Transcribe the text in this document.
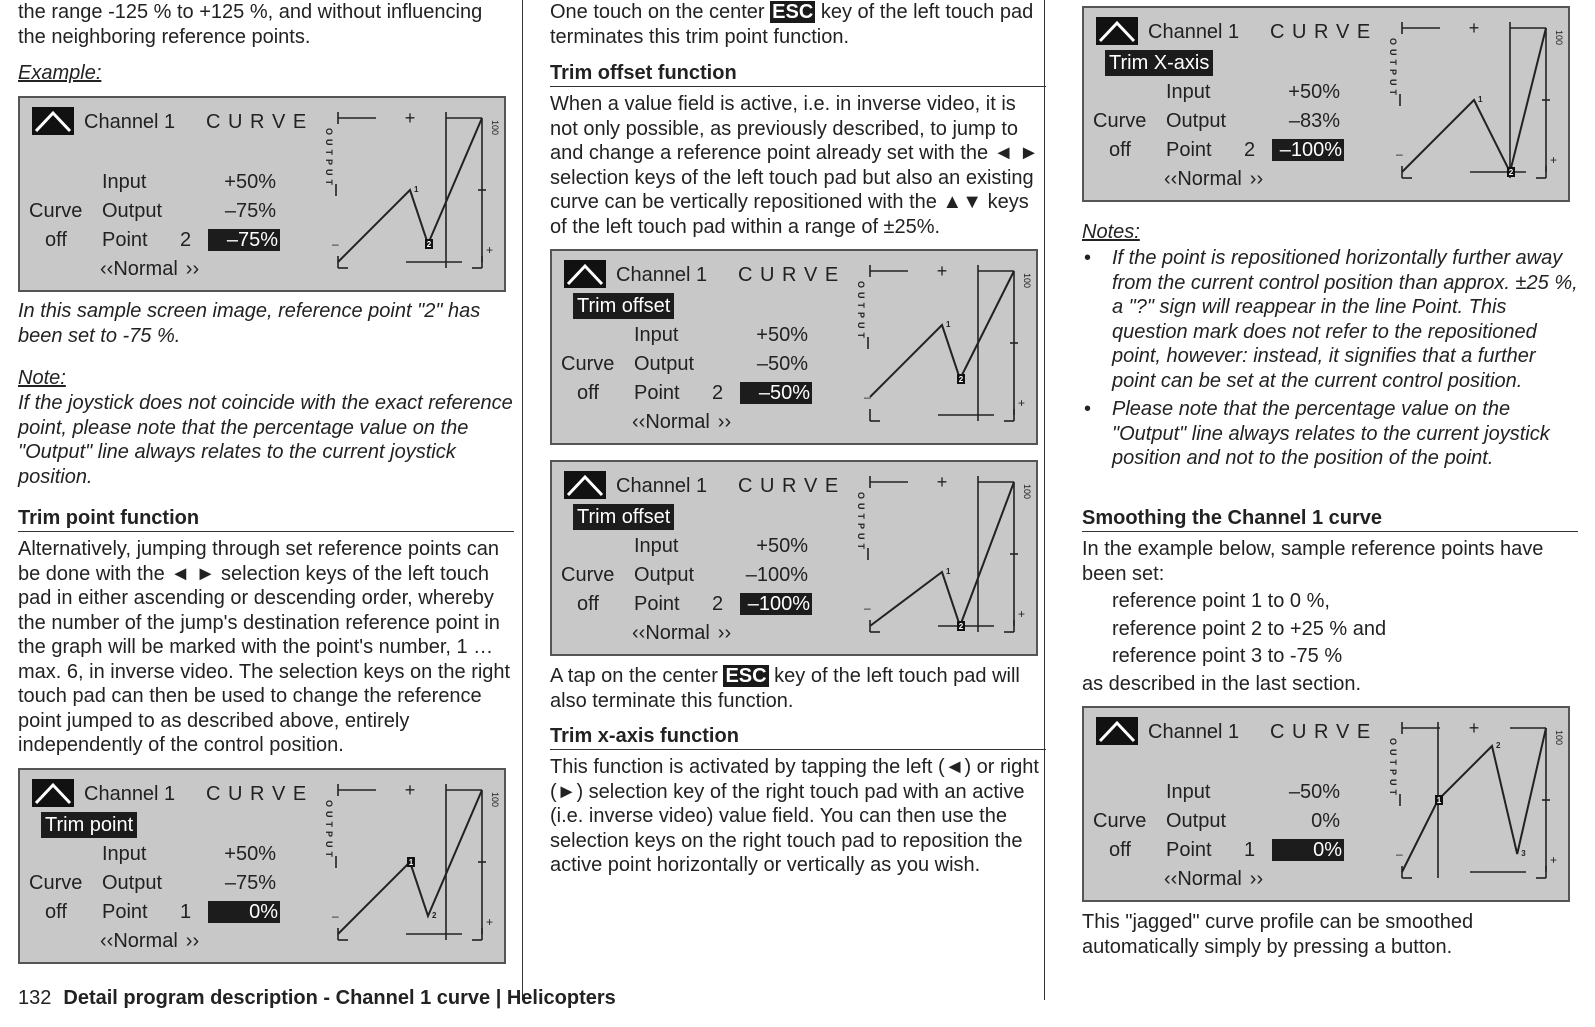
the range -125 % to +125 %, and without influencing the neighboring reference points.

Example:

Channel 1 C U R V E
Input	+50%
Curve Output	–75%
off Point 2	–75%
‹‹Normal ››
+	100
+
OUTPUT
–
1
2

In this sample screen image, reference point "2" has been set to -75 %.

Note:

If the joystick does not coincide with the exact reference point, please note that the percentage value on the "Output" line always relates to the current joystick position.

Trim point function

Alternatively, jumping through set reference points can be done with the ◄ ► selection keys of the left touch pad in either ascending or descending order, whereby the number of the jump's destination reference point in the graph will be marked with the point's number, 1 … max. 6, in inverse video. The selection keys on the right touch pad can then be used to change the reference point jumped to as described above, entirely independently of the control position.

Channel 1 C U R V E
Trim point
Input	+50%
Curve Output	–75%
off Point 1	0%
‹‹Normal ››
+	100
+
OUTPUT
–
1
2

One touch on the center ESC key of the left touch pad terminates this trim point function.

Trim offset function

When a value field is active, i.e. in inverse video, it is not only possible, as previously described, to jump to and change a reference point already set with the ◄ ► selection keys of the left touch pad but also an existing curve can be vertically repositioned with the ▲▼ keys of the left touch pad within a range of ±25%.

Channel 1 C U R V E
Trim offset
Input	+50%
Curve Output	–50%
off Point 2	–50%
‹‹Normal ››
+	100
+
OUTPUT
–
1
2
Channel 1 C U R V E
Trim offset
Input	+50%
Curve Output	–100%
off Point 2	–100%
‹‹Normal ››
+	100
+
OUTPUT
–
1
2

A tap on the center ESC key of the left touch pad will also terminate this function.

Trim x-axis function

This function is activated by tapping the left (◄) or right (►) selection key of the right touch pad with an active (i.e. inverse video) value field. You can then use the selection keys on the right touch pad to reposition the active point horizontally or vertically as you wish.

Channel 1 C U R V E
Trim X-axis
Input	+50%
Curve Output	–83%
off Point 2	–100%
‹‹Normal ››
+	100
+
OUTPUT
–
1
2

Notes:

• If the point is repositioned horizontally further away from the current control position than approx. ±25 %, a "?" sign will reappear in the line Point. This question mark does not refer to the repositioned point, however: instead, it signifies that a further point can be set at the current control position.
• Please note that the percentage value on the "Output" line always relates to the current joystick position and not to the position of the point.
Smoothing the Channel 1 curve

In the example below, sample reference points have been set:

reference point 1 to 0 %,

reference point 2 to +25 % and

reference point 3 to -75 %

as described in the last section.

Channel 1 C U R V E
Input	–50%
Curve Output	0%
off Point 1	0%
‹‹Normal ››
+	100
+
OUTPUT
–
1
2
3

This "jagged" curve profile can be smoothed automatically simply by pressing a button.

132 Detail program description - Channel 1 curve | Helicopters
